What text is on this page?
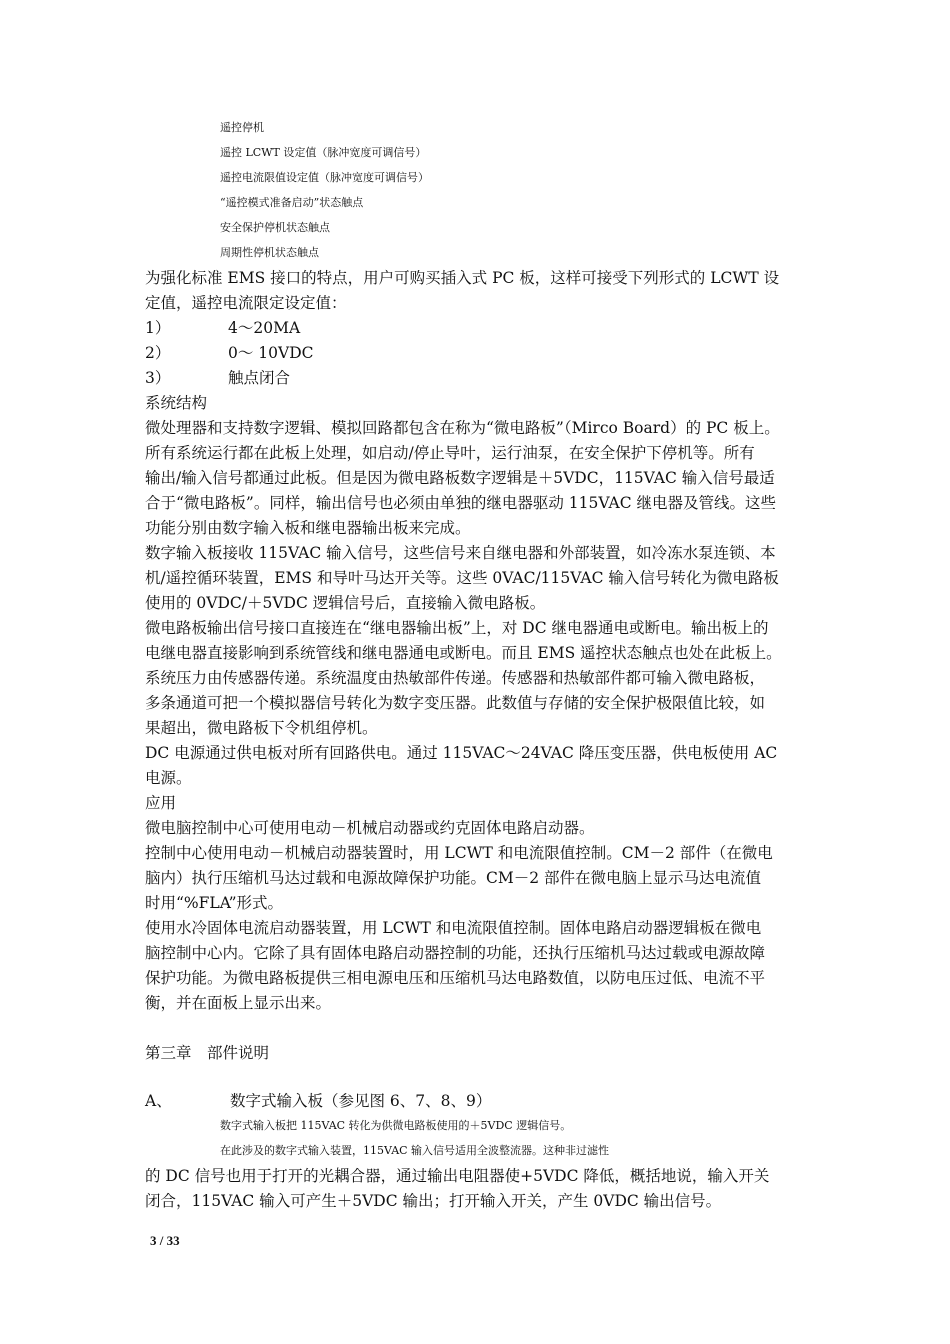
遥控停机
遥控 LCWT 设定值（脉冲宽度可调信号）
遥控电流限值设定值（脉冲宽度可调信号）
“遥控模式准备启动”状态触点
安全保护停机状态触点
周期性停机状态触点
为强化标准 EMS 接口的特点，用户可购买插入式 PC 板，这样可接受下列形式的 LCWT 设
定值，遥控电流限定设定值：
1）	4～20MA
2）	0～ 10VDC
3）	触点闭合
系统结构
微处理器和支持数字逻辑、模拟回路都包含在称为“微电路板”（Mirco Board）的 PC 板上。
所有系统运行都在此板上处理，如启动/停止导叶，运行油泵，在安全保护下停机等。所有
输出/输入信号都通过此板。但是因为微电路板数字逻辑是＋5VDC，115VAC 输入信号最适
合于“微电路板”。同样，输出信号也必须由单独的继电器驱动 115VAC 继电器及管线。这些
功能分别由数字输入板和继电器输出板来完成。
数字输入板接收 115VAC 输入信号，这些信号来自继电器和外部装置，如冷冻水泵连锁、本
机/遥控循环装置，EMS 和导叶马达开关等。这些 0VAC/115VAC 输入信号转化为微电路板
使用的 0VDC/＋5VDC 逻辑信号后，直接输入微电路板。
微电路板输出信号接口直接连在“继电器输出板”上，对 DC 继电器通电或断电。输出板上的
电继电器直接影响到系统管线和继电器通电或断电。而且 EMS 遥控状态触点也处在此板上。
系统压力由传感器传递。系统温度由热敏部件传递。传感器和热敏部件都可输入微电路板，
多条通道可把一个模拟器信号转化为数字变压器。此数值与存储的安全保护极限值比较，如
果超出，微电路板下令机组停机。
DC 电源通过供电板对所有回路供电。通过 115VAC～24VAC 降压变压器，供电板使用 AC
电源。
应用
微电脑控制中心可使用电动－机械启动器或约克固体电路启动器。
控制中心使用电动－机械启动器装置时，用 LCWT 和电流限值控制。CM－2 部件（在微电
脑内）执行压缩机马达过载和电源故障保护功能。CM－2 部件在微电脑上显示马达电流值
时用“%FLA”形式。
使用水冷固体电流启动器装置，用 LCWT 和电流限值控制。固体电路启动器逻辑板在微电
脑控制中心内。它除了具有固体电路启动器控制的功能，还执行压缩机马达过载或电源故障
保护功能。为微电路板提供三相电源电压和压缩机马达电路数值，以防电压过低、电流不平
衡，并在面板上显示出来。
第三章　部件说明
A、	数字式输入板（参见图 6、7、8、9）
数字式输入板把 115VAC 转化为供微电路板使用的＋5VDC 逻辑信号。
在此涉及的数字式输入装置，115VAC 输入信号适用全波整流器。这种非过滤性
的 DC 信号也用于打开的光耦合器，通过输出电阻器使+5VDC 降低，概括地说，输入开关
闭合，115VAC 输入可产生＋5VDC 输出；打开输入开关，产生 0VDC 输出信号。
3 / 33
